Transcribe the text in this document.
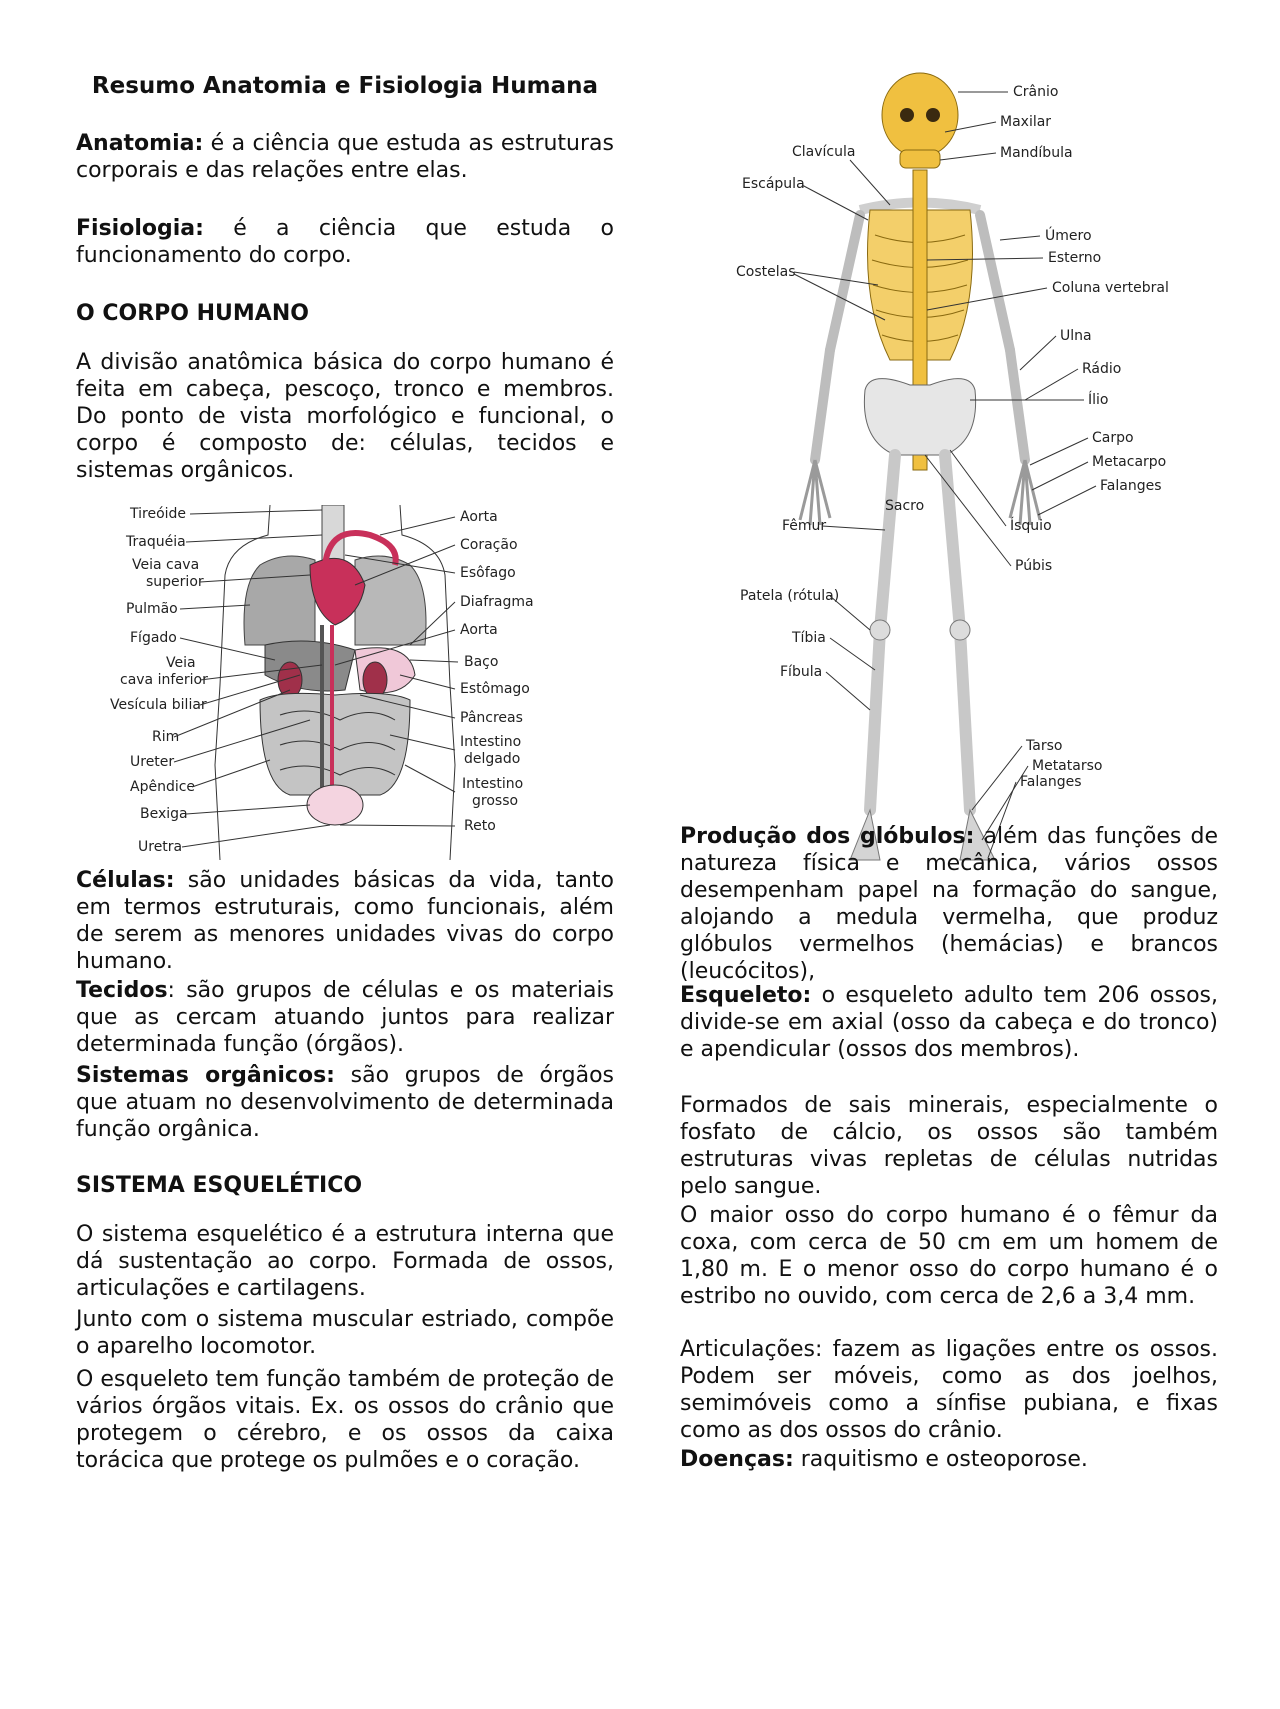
Resumo Anatomia e Fisiologia Humana

Anatomia: é a ciência que estuda as estruturas corporais e das relações entre elas.

Fisiologia: é a ciência que estuda o funcionamento do corpo.

O CORPO HUMANO

A divisão anatômica básica do corpo humano é feita em cabeça, pescoço, tronco e membros. Do ponto de vista morfológico e funcional, o corpo é composto de: células, tecidos e sistemas orgânicos.

Células: são unidades básicas da vida, tanto em termos estruturais, como funcionais, além de serem as menores unidades vivas do corpo humano.

Tecidos: são grupos de células e os materiais que as cercam atuando juntos para realizar determinada função (órgãos).

Sistemas orgânicos: são grupos de órgãos que atuam no desenvolvimento de determinada função orgânica.

SISTEMA ESQUELÉTICO

O sistema esquelético é a estrutura interna que dá sustentação ao corpo. Formada de ossos, articulações e cartilagens.

Junto com o sistema muscular estriado, compõe o aparelho locomotor.

O esqueleto tem função também de proteção de vários órgãos vitais. Ex. os ossos do crânio que protegem o cérebro, e os ossos da caixa torácica que protege os pulmões e o coração.

Tireóide
Traquéia
Veia cava
superior
Pulmão
Fígado
Veia
cava inferior
Vesícula biliar
Rim
Ureter
Apêndice
Bexiga
Uretra
Aorta
Coração
Esôfago
Diafragma
Aorta
Baço
Estômago
Pâncreas
Intestino
delgado
Intestino
grosso
Reto
Crânio
Maxilar
Mandíbula
Úmero
Esterno
Coluna vertebral
Ulna
Rádio
Ílio
Carpo
Metacarpo
Falanges
Ísquio
Púbis
Tarso
Metatarso
Falanges
Clavícula
Escápula
Costelas
Sacro
Fêmur
Patela (rótula)
Tíbia
Fíbula

Produção dos glóbulos: além das funções de natureza física e mecânica, vários ossos desempenham papel na formação do sangue, alojando a medula vermelha, que produz glóbulos vermelhos (hemácias) e brancos (leucócitos),

Esqueleto: o esqueleto adulto tem 206 ossos, divide-se em axial (osso da cabeça e do tronco) e apendicular (ossos dos membros).

Formados de sais minerais, especialmente o fosfato de cálcio, os ossos são também estruturas vivas repletas de células nutridas pelo sangue.

O maior osso do corpo humano é o fêmur da coxa, com cerca de 50 cm em um homem de 1,80 m. E o menor osso do corpo humano é o estribo no ouvido, com cerca de 2,6 a 3,4 mm.

Articulações: fazem as ligações entre os ossos. Podem ser móveis, como as dos joelhos, semimóveis como a sínfise pubiana, e fixas como as dos ossos do crânio.

Doenças: raquitismo e osteoporose.
